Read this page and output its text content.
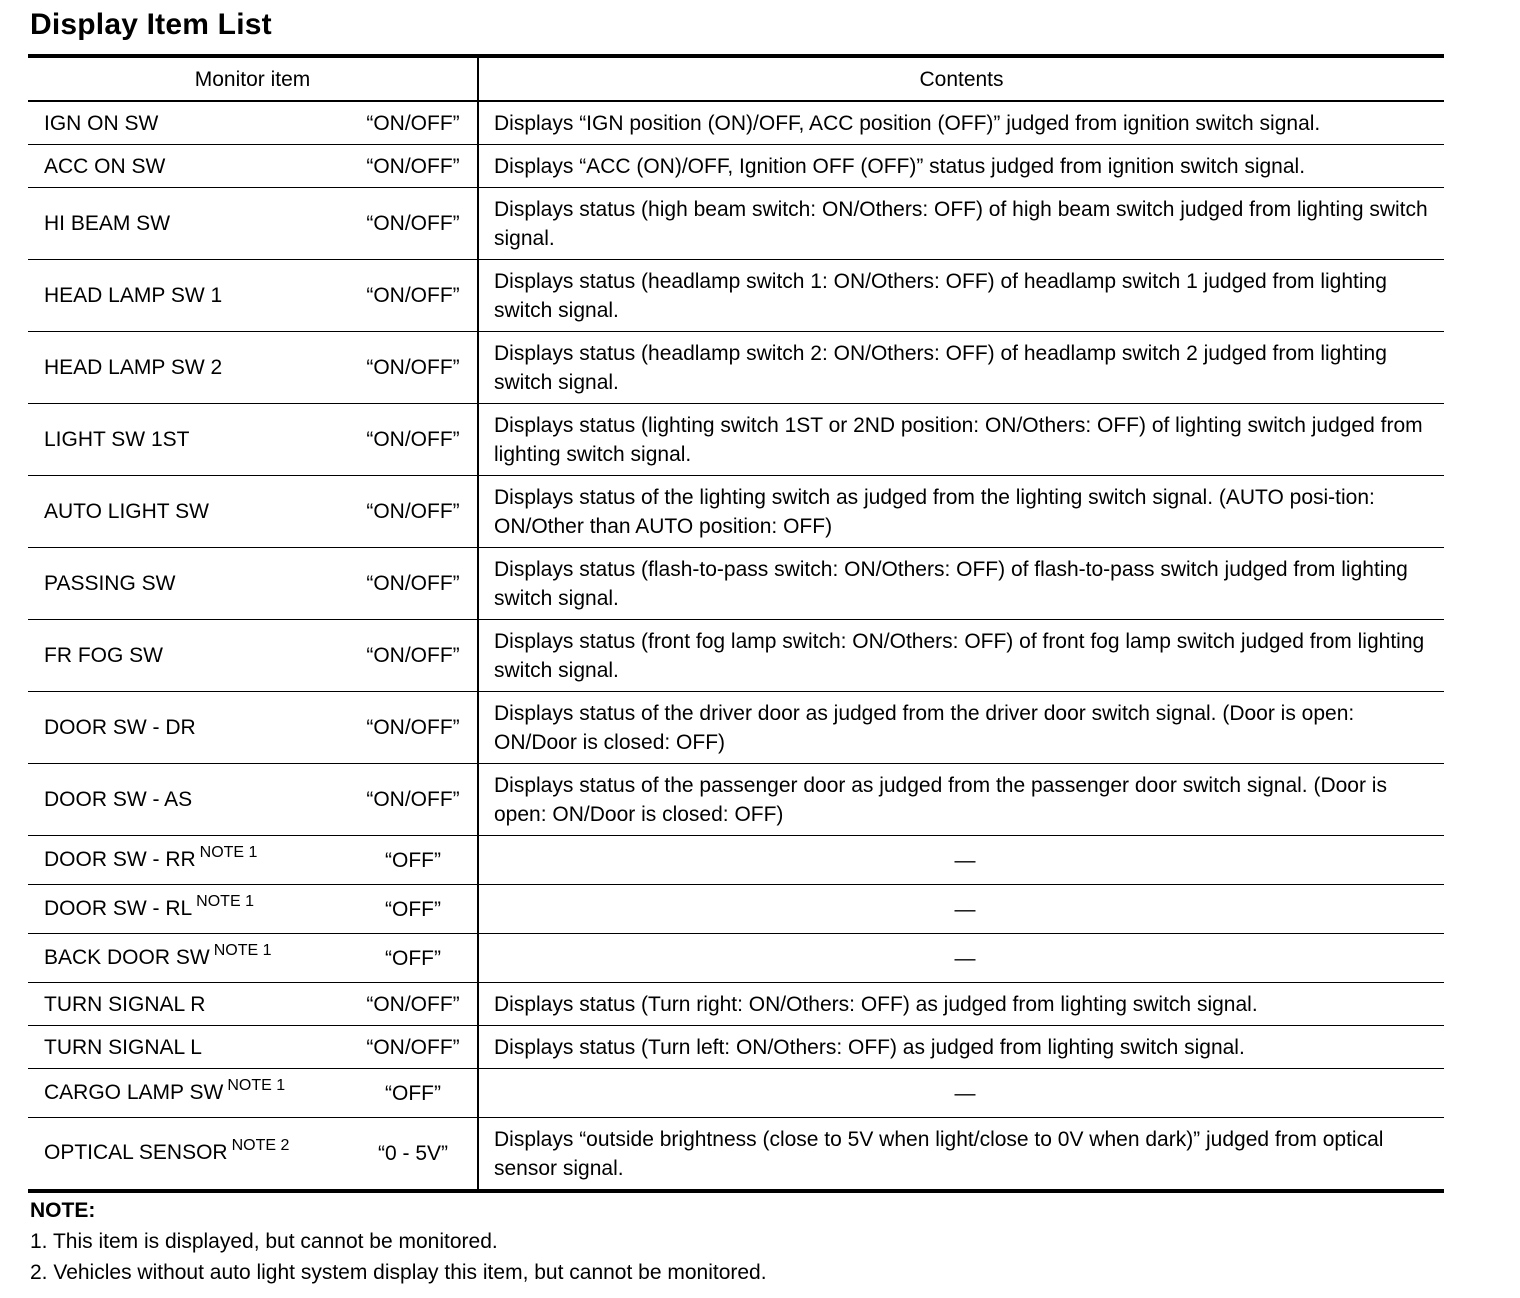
Display Item List
Monitor item	Contents

IGN ON SW “ON/OFF”	Displays “IGN position (ON)/OFF, ACC position (OFF)” judged from ignition switch signal.

ACC ON SW “ON/OFF”	Displays “ACC (ON)/OFF, Ignition OFF (OFF)” status judged from ignition switch signal.

HI BEAM SW “ON/OFF”	Displays status (high beam switch: ON/Others: OFF) of high beam switch judged from lighting switch signal.

HEAD LAMP SW 1 “ON/OFF”	Displays status (headlamp switch 1: ON/Others: OFF) of headlamp switch 1 judged from lighting switch signal.

HEAD LAMP SW 2 “ON/OFF”	Displays status (headlamp switch 2: ON/Others: OFF) of headlamp switch 2 judged from lighting switch signal.

LIGHT SW 1ST “ON/OFF”	Displays status (lighting switch 1ST or 2ND position: ON/Others: OFF) of lighting switch judged from lighting switch signal.

AUTO LIGHT SW “ON/OFF”	Displays status of the lighting switch as judged from the lighting switch signal. (AUTO posi-tion: ON/Other than AUTO position: OFF)

PASSING SW “ON/OFF”	Displays status (flash-to-pass switch: ON/Others: OFF) of flash-to-pass switch judged from lighting switch signal.

FR FOG SW “ON/OFF”	Displays status (front fog lamp switch: ON/Others: OFF) of front fog lamp switch judged from lighting switch signal.

DOOR SW - DR “ON/OFF”	Displays status of the driver door as judged from the driver door switch signal. (Door is open: ON/Door is closed: OFF)

DOOR SW - AS “ON/OFF”	Displays status of the passenger door as judged from the passenger door switch signal. (Door is open: ON/Door is closed: OFF)

DOOR SW - RR $^{NOTE 1}$ “OFF”	—

DOOR SW - RL $^{NOTE 1}$ “OFF”	—

BACK DOOR SW $^{NOTE 1}$ “OFF”	—

TURN SIGNAL R “ON/OFF”	Displays status (Turn right: ON/Others: OFF) as judged from lighting switch signal.

TURN SIGNAL L “ON/OFF”	Displays status (Turn left: ON/Others: OFF) as judged from lighting switch signal.

CARGO LAMP SW $^{NOTE 1}$ “OFF”	—

OPTICAL SENSOR $^{NOTE 2}$ “0 - 5V”	Displays “outside brightness (close to 5V when light/close to 0V when dark)” judged from optical sensor signal.
NOTE:
1. This item is displayed, but cannot be monitored.
2. Vehicles without auto light system display this item, but cannot be monitored.
